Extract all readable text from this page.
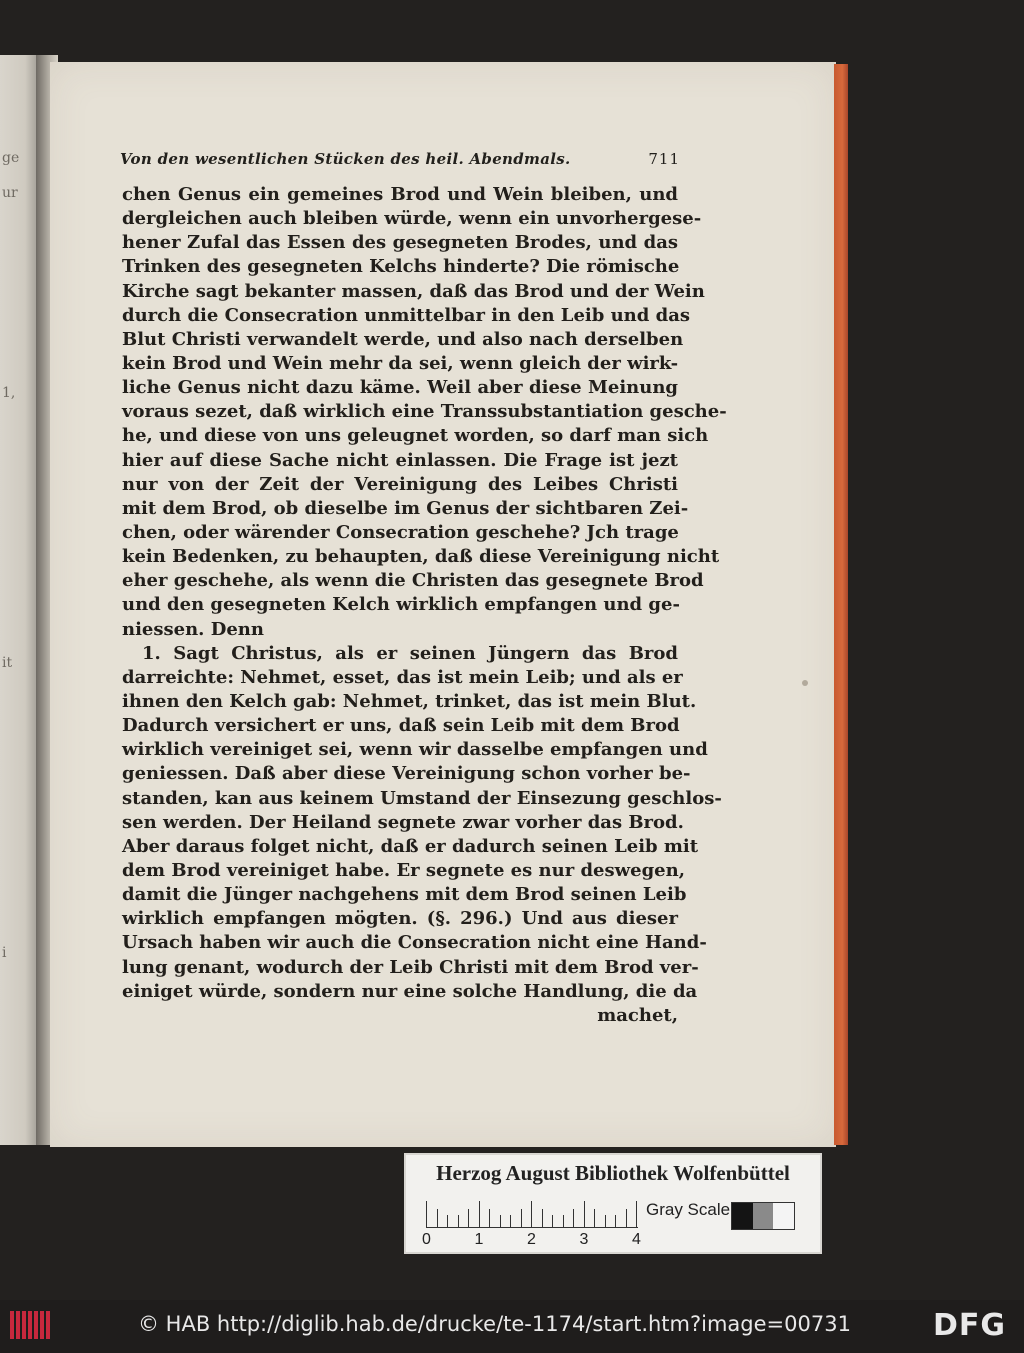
ge
ur
1,
it
i
Von den wesentlichen Stücken des heil. Abendmals.	711
chen Genus ein gemeines Brod und Wein bleiben, und
dergleichen auch bleiben würde, wenn ein unvorhergese-
hener Zufal das Essen des gesegneten Brodes, und das
Trinken des gesegneten Kelchs hinderte? Die römische
Kirche sagt bekanter massen, daß das Brod und der Wein
durch die Consecration unmittelbar in den Leib und das
Blut Christi verwandelt werde, und also nach derselben
kein Brod und Wein mehr da sei, wenn gleich der wirk-
liche Genus nicht dazu käme. Weil aber diese Meinung
voraus sezet, daß wirklich eine Transsubstantiation gesche-
he, und diese von uns geleugnet worden, so darf man sich
hier auf diese Sache nicht einlassen. Die Frage ist jezt
nur von der Zeit der Vereinigung des Leibes Christi
mit dem Brod, ob dieselbe im Genus der sichtbaren Zei-
chen, oder wärender Consecration geschehe? Jch trage
kein Bedenken, zu behaupten, daß diese Vereinigung nicht
eher geschehe, als wenn die Christen das gesegnete Brod
und den gesegneten Kelch wirklich empfangen und ge-
niessen. Denn
1. Sagt Christus, als er seinen Jüngern das Brod
darreichte: Nehmet, esset, das ist mein Leib; und als er
ihnen den Kelch gab: Nehmet, trinket, das ist mein Blut.
Dadurch versichert er uns, daß sein Leib mit dem Brod
wirklich vereiniget sei, wenn wir dasselbe empfangen und
geniessen. Daß aber diese Vereinigung schon vorher be-
standen, kan aus keinem Umstand der Einsezung geschlos-
sen werden. Der Heiland segnete zwar vorher das Brod.
Aber daraus folget nicht, daß er dadurch seinen Leib mit
dem Brod vereiniget habe. Er segnete es nur deswegen,
damit die Jünger nachgehens mit dem Brod seinen Leib
wirklich empfangen mögten. (§. 296.) Und aus dieser
Ursach haben wir auch die Consecration nicht eine Hand-
lung genant, wodurch der Leib Christi mit dem Brod ver-
einiget würde, sondern nur eine solche Handlung, die da
machet,
Herzog August Bibliothek Wolfenbüttel
Gray Scale
0	1	2	3	4
© HAB http://diglib.hab.de/drucke/te-1174/start.htm?image=00731	DFG
